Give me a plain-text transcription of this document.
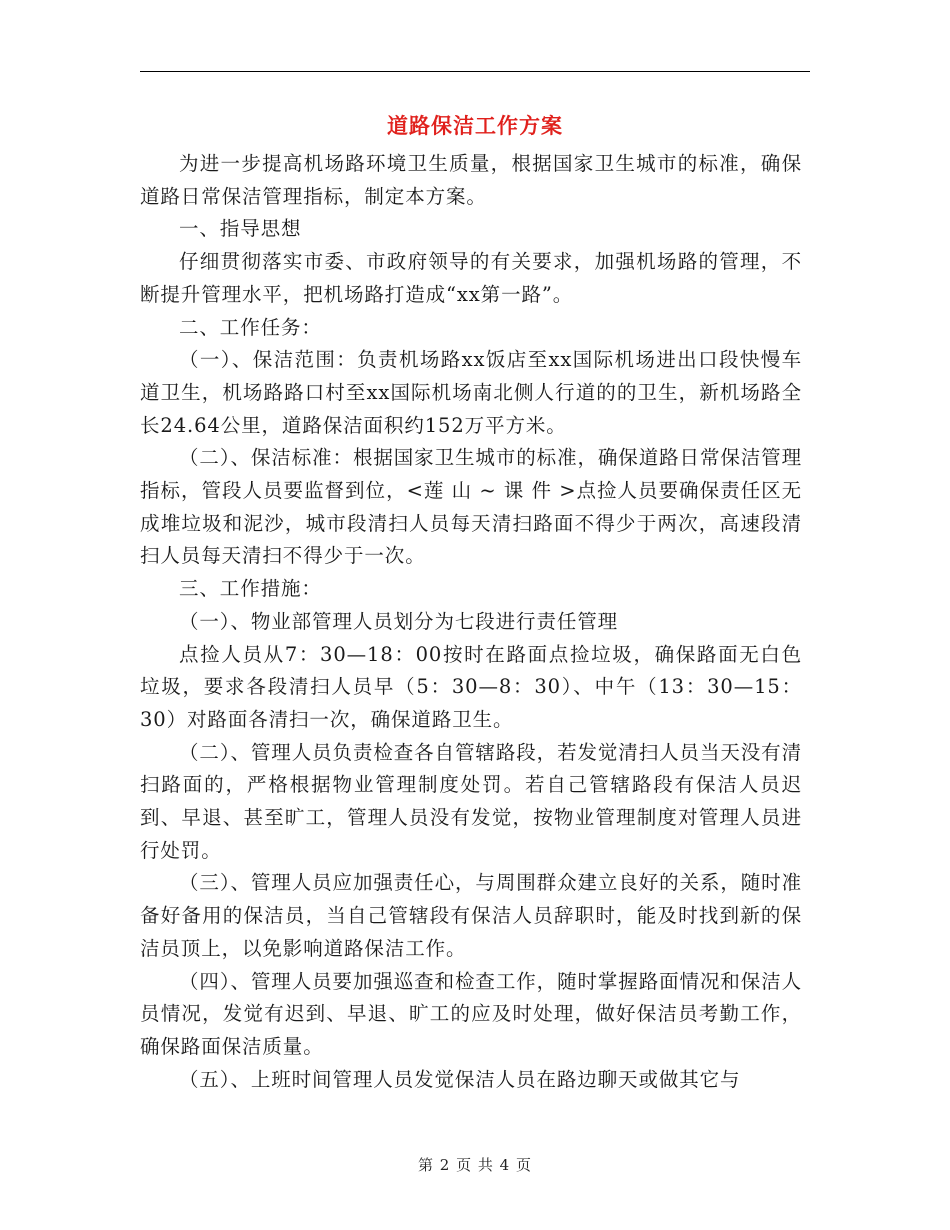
道路保洁工作方案

为进一步提高机场路环境卫生质量，根据国家卫生城市的标准，确保道路日常保洁管理指标，制定本方案。

一、指导思想

仔细贯彻落实市委、市政府领导的有关要求，加强机场路的管理，不断提升管理水平，把机场路打造成“xx第一路”。

二、工作任务：

（一）、保洁范围：负责机场路xx饭店至xx国际机场进出口段快慢车道卫生，机场路路口村至xx国际机场南北侧人行道的的卫生，新机场路全长24.64公里，道路保洁面积约152万平方米。

（二）、保洁标准：根据国家卫生城市的标准，确保道路日常保洁管理指标，管段人员要监督到位，<莲 山 ~ 课 件 >点捡人员要确保责任区无成堆垃圾和泥沙，城市段清扫人员每天清扫路面不得少于两次，高速段清扫人员每天清扫不得少于一次。

三、工作措施：

（一）、物业部管理人员划分为七段进行责任管理

点捡人员从7：30—18：00按时在路面点捡垃圾，确保路面无白色垃圾，要求各段清扫人员早（5：30—8：30）、中午（13：30—15：30）对路面各清扫一次，确保道路卫生。

（二）、管理人员负责检查各自管辖路段，若发觉清扫人员当天没有清扫路面的，严格根据物业管理制度处罚。若自己管辖路段有保洁人员迟到、早退、甚至旷工，管理人员没有发觉，按物业管理制度对管理人员进行处罚。

（三）、管理人员应加强责任心，与周围群众建立良好的关系，随时准备好备用的保洁员，当自己管辖段有保洁人员辞职时，能及时找到新的保洁员顶上，以免影响道路保洁工作。

（四）、管理人员要加强巡查和检查工作，随时掌握路面情况和保洁人员情况，发觉有迟到、早退、旷工的应及时处理，做好保洁员考勤工作，确保路面保洁质量。

（五）、上班时间管理人员发觉保洁人员在路边聊天或做其它与

第 2 页 共 4 页
